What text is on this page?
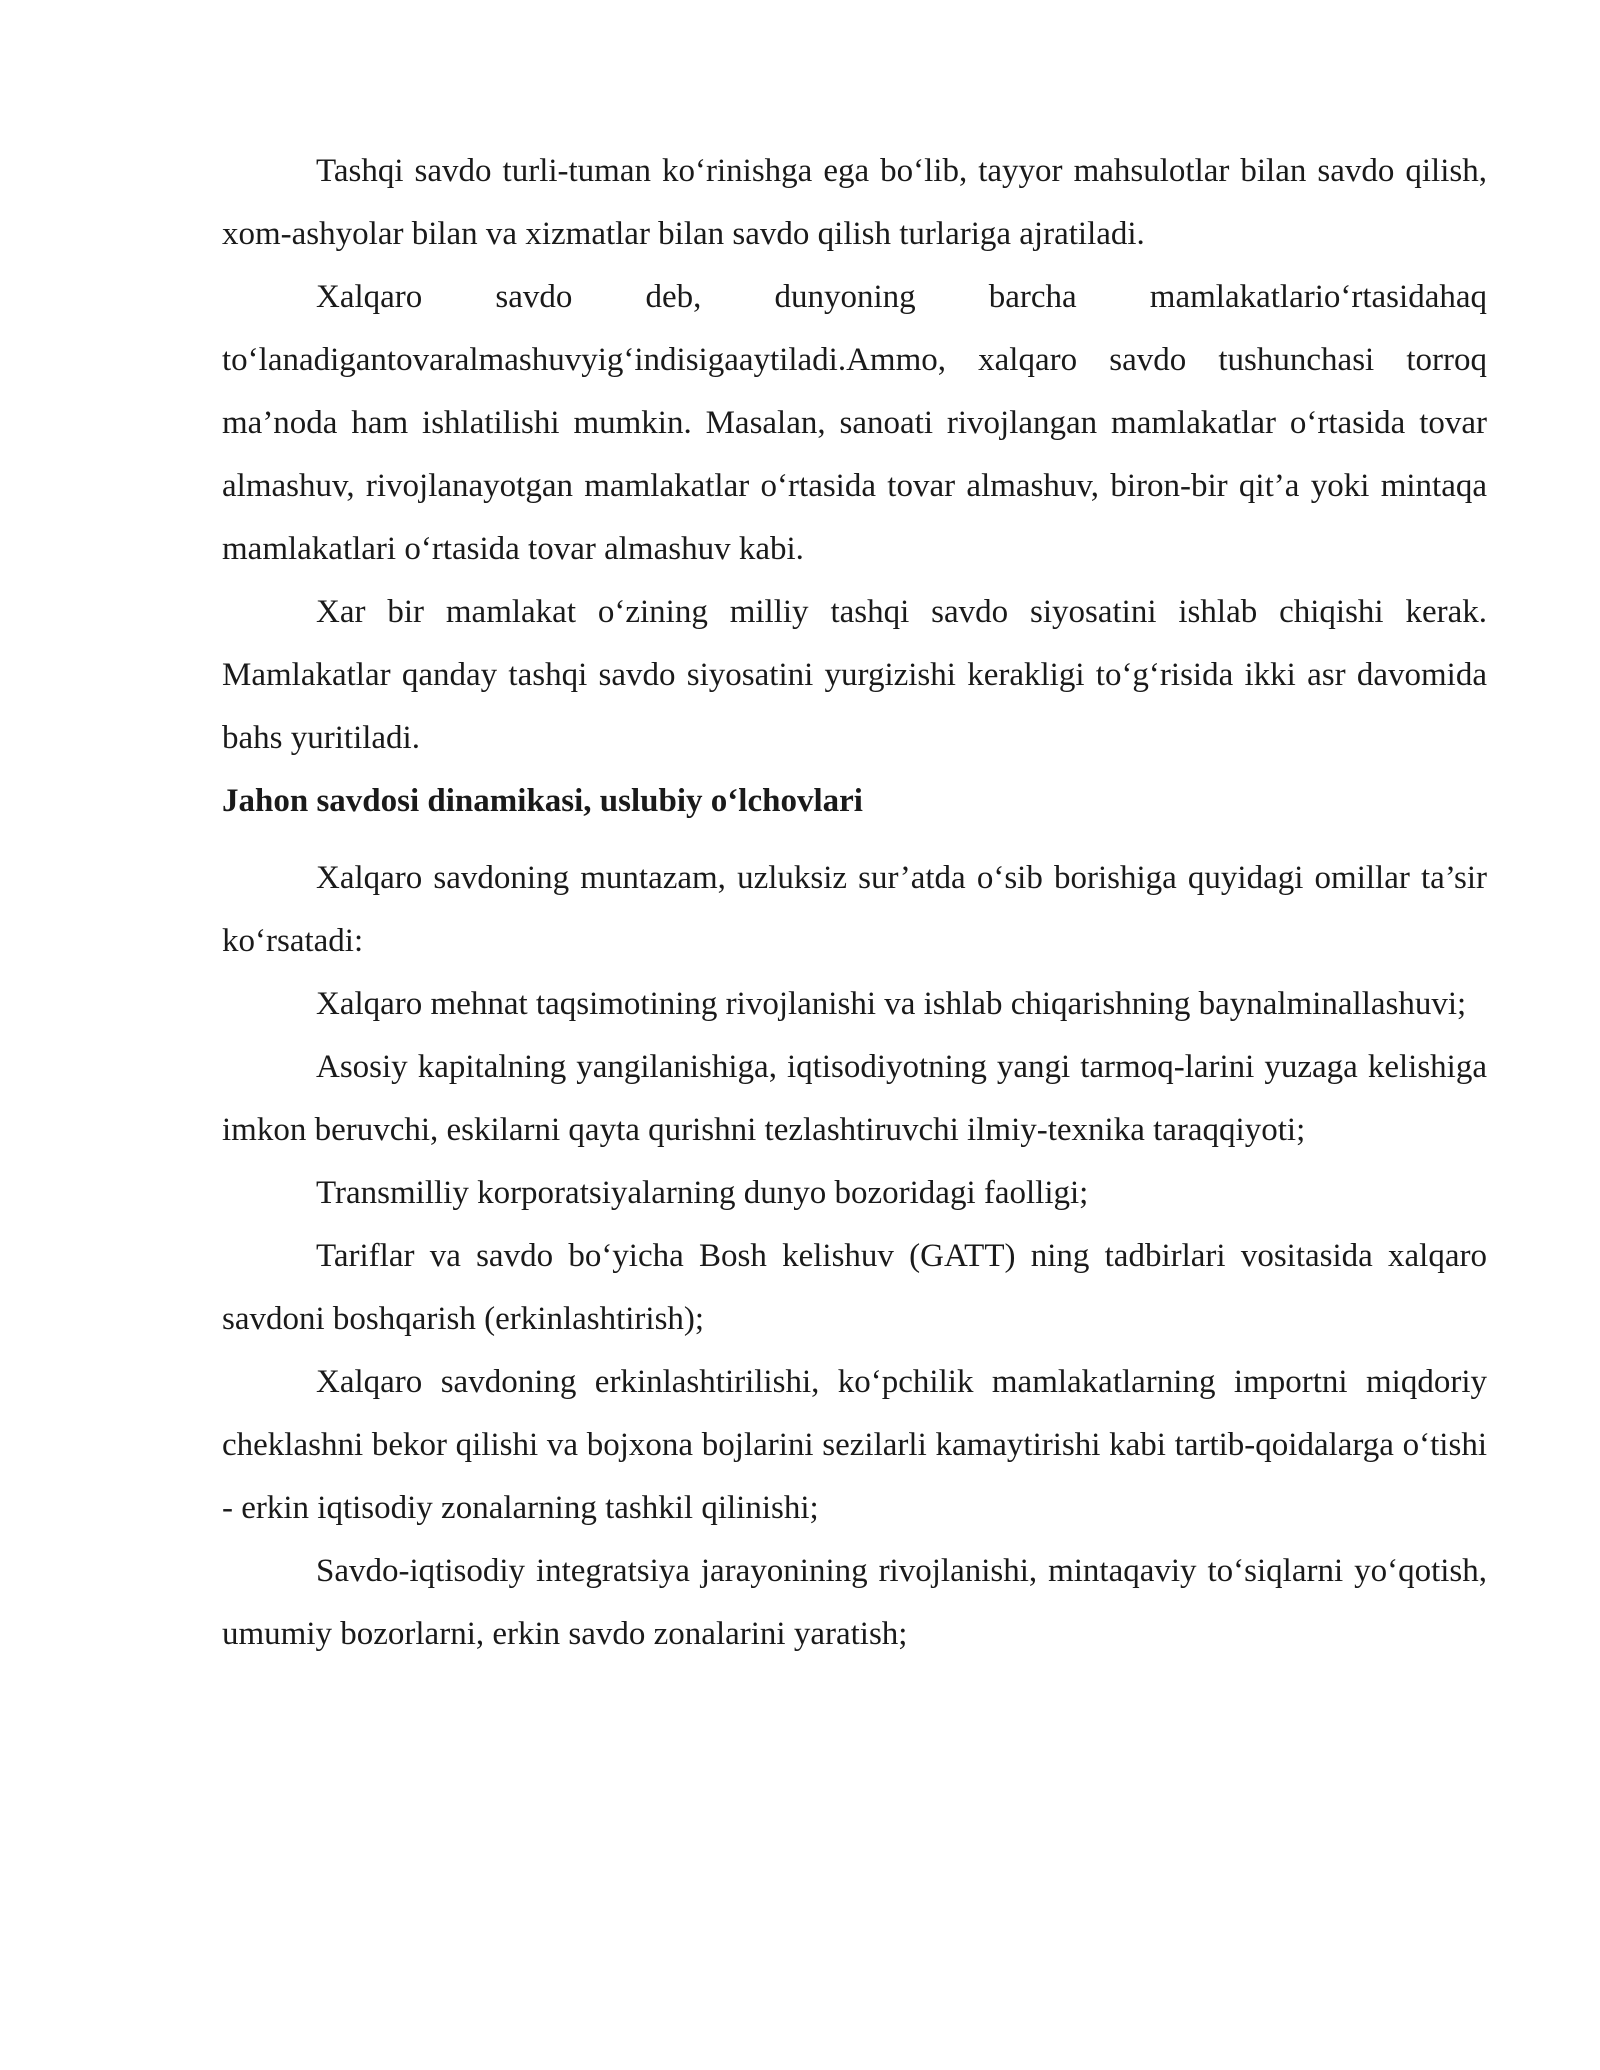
Tashqi savdo turli-tuman ko‘rinishga ega bo‘lib, tayyor mahsulotlar bilan savdo qilish, xom-ashyolar bilan va xizmatlar bilan savdo qilish turlariga ajratiladi.

Xalqaro savdo deb, dunyoning barcha mamlakatlario‘rtasidahaq to‘lanadigantovaralmashuvyig‘indisigaaytiladi.Ammo, xalqaro savdo tushunchasi torroq ma’noda ham ishlatilishi mumkin. Masalan, sanoati rivojlangan mamlakatlar o‘rtasida tovar almashuv, rivojlanayotgan mamlakatlar o‘rtasida tovar almashuv, biron-bir qit’a yoki mintaqa mamlakatlari o‘rtasida tovar almashuv kabi.

Xar bir mamlakat o‘zining milliy tashqi savdo siyosatini ishlab chiqishi kerak. Mamlakatlar qanday tashqi savdo siyosatini yurgizishi kerakligi to‘g‘risida ikki asr davomida bahs yuritiladi.

Jahon savdosi dinamikasi, uslubiy o‘lchovlari

Xalqaro savdoning muntazam, uzluksiz sur’atda o‘sib borishiga quyidagi omillar ta’sir ko‘rsatadi:

Xalqaro mehnat taqsimotining rivojlanishi va ishlab chiqarishning baynalminallashuvi;

Asosiy kapitalning yangilanishiga, iqtisodiyotning yangi tarmoq-larini yuzaga kelishiga imkon beruvchi, eskilarni qayta qurishni tezlashtiruvchi ilmiy-texnika taraqqiyoti;

Transmilliy korporatsiyalarning dunyo bozoridagi faolligi;

Tariflar va savdo bo‘yicha Bosh kelishuv (GATT) ning tadbirlari vositasida xalqaro savdoni boshqarish (erkinlashtirish);

Xalqaro savdoning erkinlashtirilishi, ko‘pchilik mamlakatlarning importni miqdoriy cheklashni bekor qilishi va bojxona bojlarini sezilarli kamaytirishi kabi tartib-qoidalarga o‘tishi - erkin iqtisodiy zonalarning tashkil qilinishi;

Savdo-iqtisodiy integratsiya jarayonining rivojlanishi, mintaqaviy to‘siqlarni yo‘qotish, umumiy bozorlarni, erkin savdo zonalarini yaratish;
